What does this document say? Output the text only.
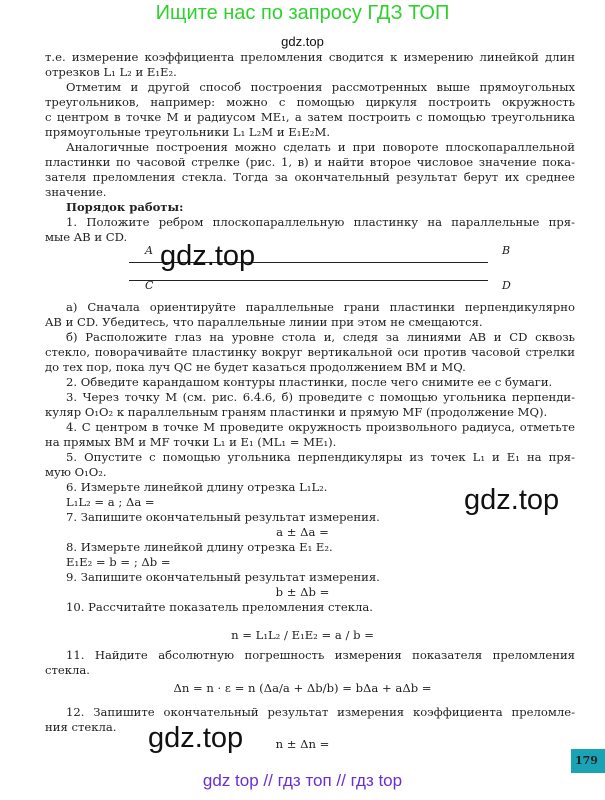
Ищите нас по запросу ГДЗ ТОП
gdz.top
т.е. измерение коэффициента преломления сводится к измерению линейкой длин
отрезков L₁ L₂ и E₁E₂.
Отметим и другой способ построения рассмотренных выше прямоугольных
треугольников, например: можно с помощью циркуля построить окружность
с центром в точке M и радиусом ME₁, а затем построить с помощью треугольника
прямоугольные треугольники L₁ L₂M и E₁E₂M.
Аналогичные построения можно сделать и при повороте плоскопараллельной
пластинки по часовой стрелке (рис. 1, в) и найти второе числовое значение пока-
зателя преломления стекла. Тогда за окончательный результат берут их среднее
значение.
Порядок работы:
1. Положите ребром плоскопараллельную пластинку на параллельные пря-
мые AB и CD.
а) Сначала ориентируйте параллельные грани пластинки перпендикулярно
AB и CD. Убедитесь, что параллельные линии при этом не смещаются.
б) Расположите глаз на уровне стола и, следя за линиями AB и CD сквозь
стекло, поворачивайте пластинку вокруг вертикальной оси против часовой стрелки
до тех пор, пока луч QC не будет казаться продолжением BM и MQ.
2. Обведите карандашом контуры пластинки, после чего снимите ее с бумаги.
3. Через точку M (см. рис. 6.4.6, б) проведите с помощью угольника перпенди-
куляр O₁O₂ к параллельным граням пластинки и прямую MF (продолжение MQ).
4. С центром в точке M проведите окружность произвольного радиуса, отметьте
на прямых BM и MF точки L₁ и E₁ (ML₁ = ME₁).
5. Опустите с помощью угольника перпендикуляры из точек L₁ и E₁ на пря-
мую O₁O₂.
6. Измерьте линейкой длину отрезка L₁L₂.
L₁L₂ = a ; Δa =
7. Запишите окончательный результат измерения.
a ± Δa =
8. Измерьте линейкой длину отрезка E₁ E₂.
E₁E₂ = b = ; Δb =
9. Запишите окончательный результат измерения.
b ± Δb =
10. Рассчитайте показатель преломления стекла.
n = L₁L₂ / E₁E₂ = a / b =
11. Найдите абсолютную погрешность измерения показателя преломления
стекла.
Δn = n · ε = n (Δa/a + Δb/b) = bΔa + aΔb =
12. Запишите окончательный результат измерения коэффициента преломле-
ния стекла.
n ± Δn =
A	B
C	D
gdz.top
gdz.top
gdz.top
179
gdz top // гдз топ // гдз top
